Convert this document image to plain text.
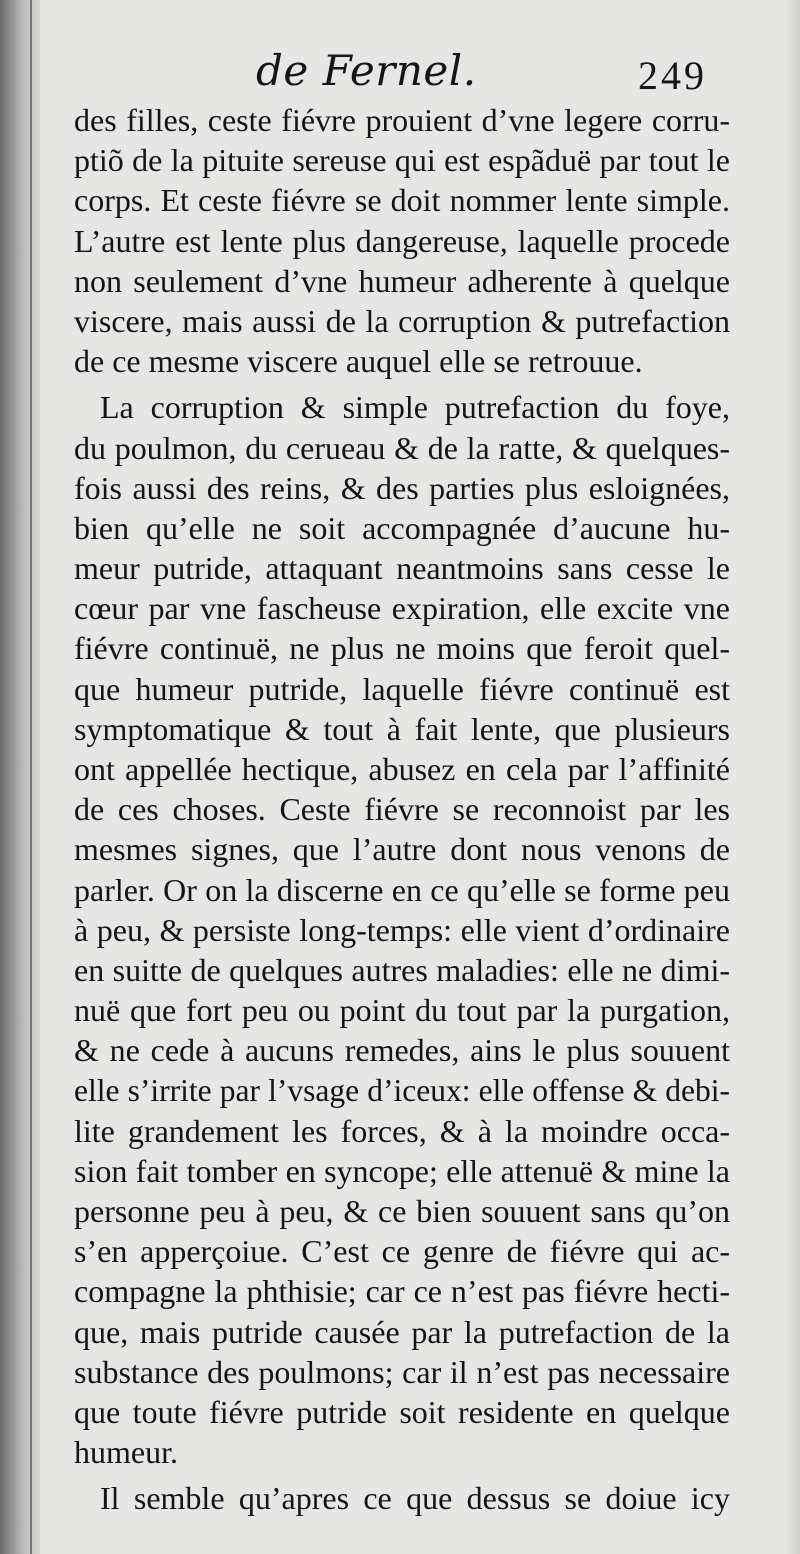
de Fernel.	249
des filles, ceste fiévre prouient d’vne legere corru-
ptiõ de la pituite sereuse qui est espãduë par tout le
corps. Et ceste fiévre se doit nommer lente simple.
L’autre est lente plus dangereuse, laquelle procede
non seulement d’vne humeur adherente à quelque
viscere, mais aussi de la corruption & putrefaction
de ce mesme viscere auquel elle se retrouue.
La corruption & simple putrefaction du foye,
du poulmon, du cerueau & de la ratte, & quelques-
fois aussi des reins, & des parties plus esloignées,
bien qu’elle ne soit accompagnée d’aucune hu-
meur putride, attaquant neantmoins sans cesse le
cœur par vne fascheuse expiration, elle excite vne
fiévre continuë, ne plus ne moins que feroit quel-
que humeur putride, laquelle fiévre continuë est
symptomatique & tout à fait lente, que plusieurs
ont appellée hectique, abusez en cela par l’affinité
de ces choses. Ceste fiévre se reconnoist par les
mesmes signes, que l’autre dont nous venons de
parler. Or on la discerne en ce qu’elle se forme peu
à peu, & persiste long-temps: elle vient d’ordinaire
en suitte de quelques autres maladies: elle ne dimi-
nuë que fort peu ou point du tout par la purgation,
& ne cede à aucuns remedes, ains le plus souuent
elle s’irrite par l’vsage d’iceux: elle offense & debi-
lite grandement les forces, & à la moindre occa-
sion fait tomber en syncope; elle attenuë & mine la
personne peu à peu, & ce bien souuent sans qu’on
s’en apperçoiue. C’est ce genre de fiévre qui ac-
compagne la phthisie; car ce n’est pas fiévre hecti-
que, mais putride causée par la putrefaction de la
substance des poulmons; car il n’est pas necessaire
que toute fiévre putride soit residente en quelque
humeur.
Il semble qu’apres ce que dessus se doiue icy
